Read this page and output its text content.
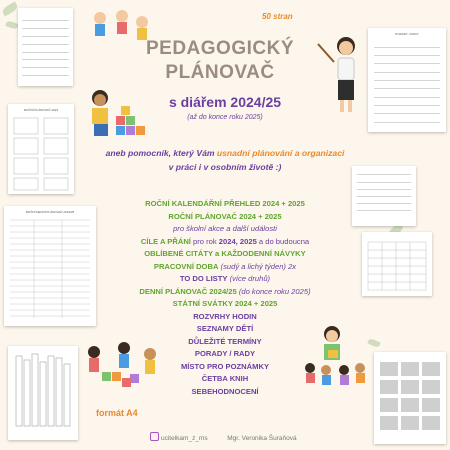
ROČNÍ PLÁNOVAČ 2024
ROČNÍ DENNÍ PLÁNOVAČ 2024/25
PORADY / RADY
50 stran
PEDAGOGICKÝ
PLÁNOVAČ
s diářem 2024/25
(až do konce roku 2025)
aneb pomocník, který Vám usnadní plánování a organizaci
v práci i v osobním životě :)
ROČNÍ KALENDÁŘNÍ PŘEHLED 2024 + 2025
ROČNÍ PLÁNOVAČ 2024 + 2025
pro školní akce a další události
CÍLE A PŘÁNÍ pro rok 2024, 2025 a do budoucna
OBLÍBENÉ CITÁTY a KAŽDODENNÍ NÁVYKY
PRACOVNÍ DOBA (sudý a lichý týden) 2x
TO DO LISTY (více druhů)
DENNÍ PLÁNOVAČ 2024/25 (do konce roku 2025)
STÁTNÍ SVÁTKY 2024 + 2025
ROZVRHY HODIN
SEZNAMY DĚTÍ
DŮLEŽITÉ TERMÍNY
PORADY / RADY
MÍSTO PRO POZNÁMKY
ČETBA KNIH
SEBEHODNOCENÍ
formát A4
ucitelkam_z_ms	Mgr. Veronika Šuraňová
